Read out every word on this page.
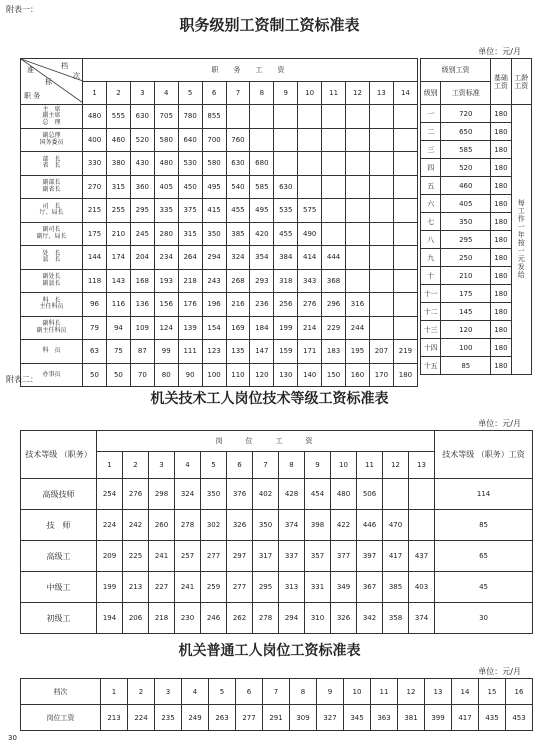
附表一：
职务级别工资制工资标准表
单位：元/月
档
次
准
标
职 务	职　务　工　资													
	1	2	3	4	5	6	7	8	9	10	11	12	13	14
主　席
副主席
总　理	480	555	630	705	780	855								
副总理
国务委员	400	460	520	580	640	700	760							
部　长
省　长	330	380	430	480	530	580	630	680						
副部长
副省长	270	315	360	405	450	495	540	585	630					
司　长
厅、局长	215	255	295	335	375	415	455	495	535	575				
副司长
副厅、局长	175	210	245	280	315	350	385	420	455	490				
处　长
县　长	144	174	204	234	264	294	324	354	384	414	444			
副处长
副县长	118	143	168	193	218	243	268	293	318	343	368			
科　长
主任科员	96	116	136	156	176	196	216	236	256	276	296	316		
副科长
副主任科员	79	94	109	124	139	154	169	184	199	214	229	244		
科　员	63	75	87	99	111	123	135	147	159	171	183	195	207	219
办事员	50	50	70	80	90	100	110	120	130	140	150	160	170	180
级别工资		基础工资	工龄工资
级别	工资标准		
一	720	180	每工作一年按一元发给
二	650	180	
三	585	180	
四	520	180	
五	460	180	
六	405	180	
七	350	180	
八	295	180	
九	250	180	
十	210	180	
十一	175	180	
十二	145	180	
十三	120	180	
十四	100	180	
十五	85	180	
附表二：
机关技术工人岗位技术等级工资标准表
单位：元/月
技术等级 （职务）	岗　　位　　工　　资													技术等级 （职务）工资
	1	2	3	4	5	6	7	8	9	10	11	12	13	
高级技师	254	276	298	324	350	376	402	428	454	480	506			114
技　师	224	242	260	278	302	326	350	374	398	422	446	470		85
高级工	209	225	241	257	277	297	317	337	357	377	397	417	437	65
中级工	199	213	227	241	259	277	295	313	331	349	367	385	403	45
初级工	194	206	218	230	246	262	278	294	310	326	342	358	374	30
机关普通工人岗位工资标准表
单位：元/月
档次	1	2	3	4	5	6	7	8	9	10	11	12	13	14	15	16
岗位工资	213	224	235	249	263	277	291	309	327	345	363	381	399	417	435	453
30
